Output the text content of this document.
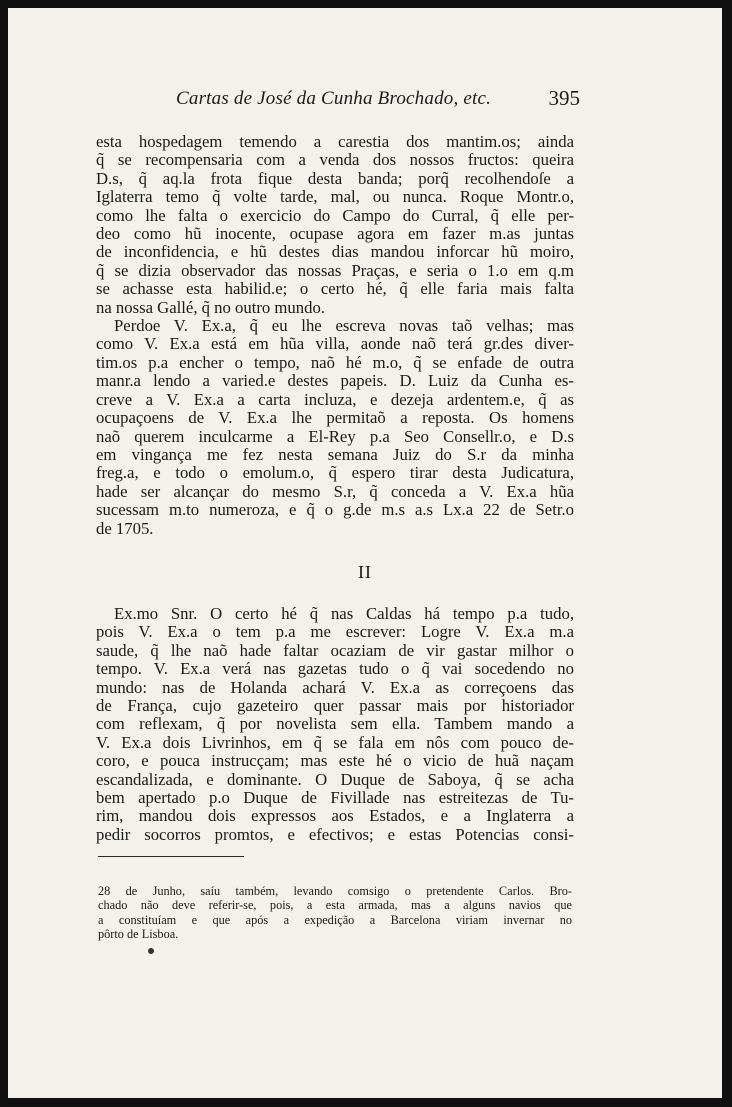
Cartas de José da Cunha Brochado, etc.	395
esta hospedagem temendo a carestia dos mantim.os; ainda
q̃ se recompensaria com a venda dos nossos fructos: queira
D.s, q̃ aq.la frota fique desta banda; porq̃ recolhendoſe a
Iglaterra temo q̃ volte tarde, mal, ou nunca. Roque Montr.o,
como lhe falta o exercicio do Campo do Curral, q̃ elle per-
deo como hũ inocente, ocupase agora em fazer m.as juntas
de inconfidencia, e hũ destes dias mandou inforcar hũ moiro,
q̃ se dizia observador das nossas Praças, e seria o 1.o em q.m
se achasse esta habilid.e; o certo hé, q̃ elle faria mais falta
na nossa Gallé, q̃ no outro mundo.
Perdoe V. Ex.a, q̃ eu lhe escreva novas taõ velhas; mas
como V. Ex.a está em hũa villa, aonde naõ terá gr.des diver-
tim.os p.a encher o tempo, naõ hé m.o, q̃ se enfade de outra
manr.a lendo a varied.e destes papeis. D. Luiz da Cunha es-
creve a V. Ex.a a carta incluza, e dezeja ardentem.e, q̃ as
ocupaçoens de V. Ex.a lhe permitaõ a reposta. Os homens
naõ querem inculcarme a El-Rey p.a Seo Consellr.o, e D.s
em vingança me fez nesta semana Juiz do S.r da minha
freg.a, e todo o emolum.o, q̃ espero tirar desta Judicatura,
hade ser alcançar do mesmo S.r, q̃ conceda a V. Ex.a hũa
sucessam m.to numeroza, e q̃ o g.de m.s a.s Lx.a 22 de Setr.o
de 1705.
II
Ex.mo Snr. O certo hé q̃ nas Caldas há tempo p.a tudo,
pois V. Ex.a o tem p.a me escrever: Logre V. Ex.a m.a
saude, q̃ lhe naõ hade faltar ocaziam de vir gastar milhor o
tempo. V. Ex.a verá nas gazetas tudo o q̃ vai socedendo no
mundo: nas de Holanda achará V. Ex.a as correçoens das
de França, cujo gazeteiro quer passar mais por historiador
com reflexam, q̃ por novelista sem ella. Tambem mando a
V. Ex.a dois Livrinhos, em q̃ se fala em nôs com pouco de-
coro, e pouca instrucçam; mas este hé o vicio de huã naçam
escandalizada, e dominante. O Duque de Saboya, q̃ se acha
bem apertado p.o Duque de Fivillade nas estreitezas de Tu-
rim, mandou dois expressos aos Estados, e a Inglaterra a
pedir socorros promtos, e efectivos; e estas Potencias consi-
28 de Junho, saíu também, levando comsigo o pretendente Carlos. Bro-
chado não deve referir-se, pois, a esta armada, mas a alguns navios que
a constituíam e que após a expedição a Barcelona viriam invernar no
pôrto de Lisboa.
